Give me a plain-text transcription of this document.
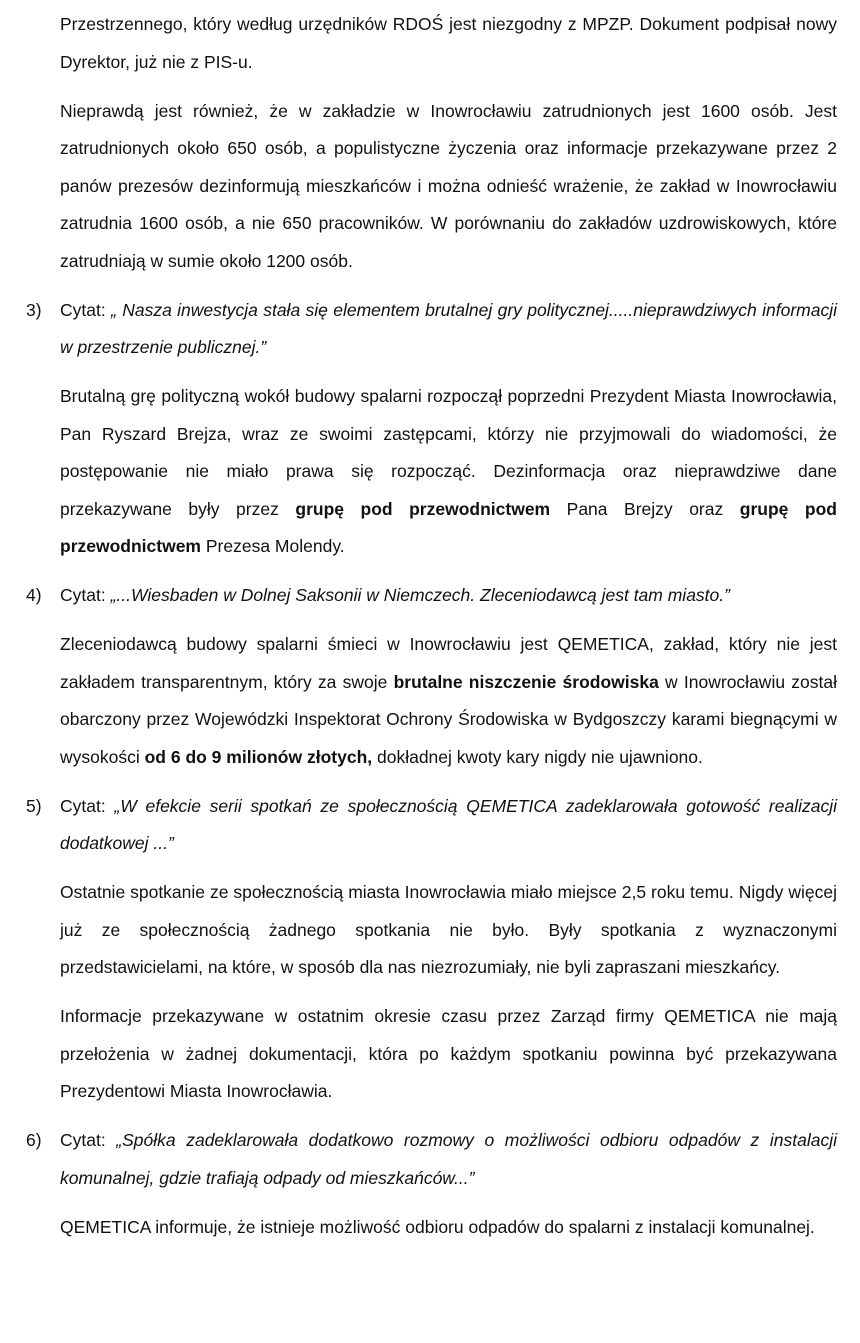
Przestrzennego, który według urzędników RDOŚ jest niezgodny z MPZP. Dokument podpisał nowy Dyrektor, już nie z PIS-u.
Nieprawdą jest również, że w zakładzie w Inowrocławiu zatrudnionych jest 1600 osób. Jest zatrudnionych około 650 osób, a populistyczne życzenia oraz informacje przekazywane przez 2 panów prezesów dezinformują mieszkańców i można odnieść wrażenie, że zakład w Inowrocławiu zatrudnia 1600 osób, a nie 650 pracowników. W porównaniu do zakładów uzdrowiskowych, które zatrudniają w sumie około 1200 osób.
3)	Cytat: „ Nasza inwestycja stała się elementem brutalnej gry politycznej.....nieprawdziwych informacji w przestrzenie publicznej.”
Brutalną grę polityczną wokół budowy spalarni rozpoczął poprzedni Prezydent Miasta Inowrocławia, Pan Ryszard Brejza, wraz ze swoimi zastępcami, którzy nie przyjmowali do wiadomości, że postępowanie nie miało prawa się rozpocząć. Dezinformacja oraz nieprawdziwe dane przekazywane były przez grupę pod przewodnictwem Pana Brejzy oraz grupę pod przewodnictwem Prezesa Molendy.
4)	Cytat: „...Wiesbaden w Dolnej Saksonii w Niemczech. Zleceniodawcą jest tam miasto.”
Zleceniodawcą budowy spalarni śmieci w Inowrocławiu jest QEMETICA, zakład, który nie jest zakładem transparentnym, który za swoje brutalne niszczenie środowiska w Inowrocławiu został obarczony przez Wojewódzki Inspektorat Ochrony Środowiska w Bydgoszczy karami biegnącymi w wysokości od 6 do 9 milionów złotych, dokładnej kwoty kary nigdy nie ujawniono.
5)	Cytat: „W efekcie serii spotkań ze społecznością QEMETICA zadeklarowała gotowość realizacji dodatkowej ...”
Ostatnie spotkanie ze społecznością miasta Inowrocławia miało miejsce 2,5 roku temu. Nigdy więcej już ze społecznością żadnego spotkania nie było. Były spotkania z wyznaczonymi przedstawicielami, na które, w sposób dla nas niezrozumiały, nie byli zapraszani mieszkańcy.
Informacje przekazywane w ostatnim okresie czasu przez Zarząd firmy QEMETICA nie mają przełożenia w żadnej dokumentacji, która po każdym spotkaniu powinna być przekazywana Prezydentowi Miasta Inowrocławia.
6)	Cytat: „Spółka zadeklarowała dodatkowo rozmowy o możliwości odbioru odpadów z instalacji komunalnej, gdzie trafiają odpady od mieszkańców...”
QEMETICA informuje, że istnieje możliwość odbioru odpadów do spalarni z instalacji komunalnej.
